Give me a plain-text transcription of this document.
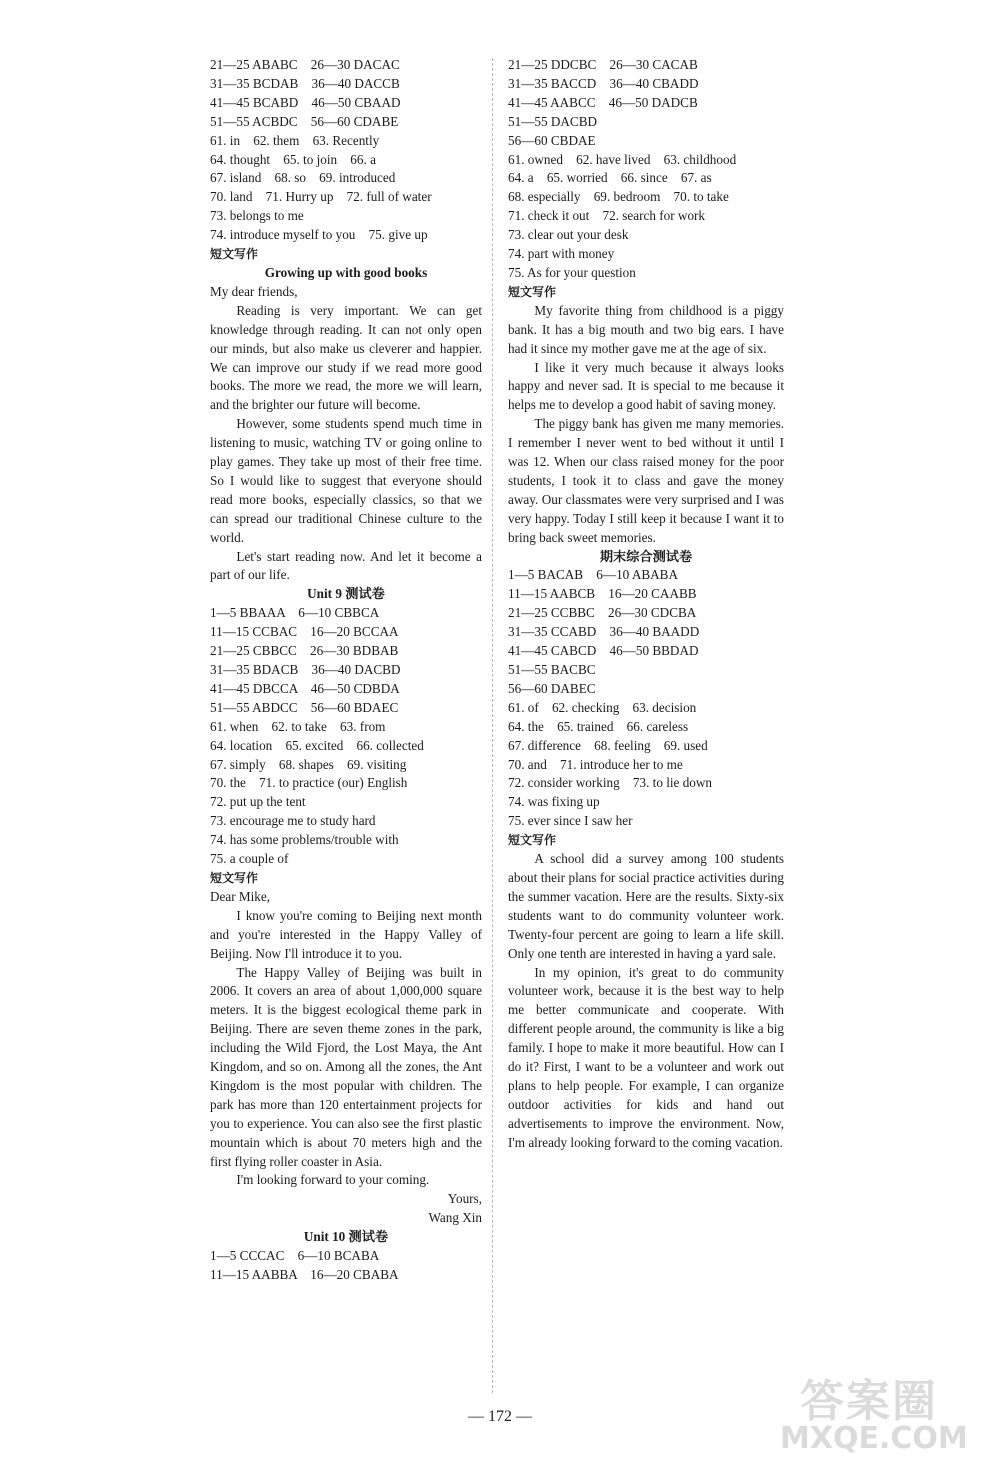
21—25 ABABC　26—30 DACAC
31—35 BCDAB　36—40 DACCB
41—45 BCABD　46—50 CBAAD
51—55 ACBDC　56—60 CDABE
61. in　62. them　63. Recently
64. thought　65. to join　66. a
67. island　68. so　69. introduced
70. land　71. Hurry up　72. full of water
73. belongs to me
74. introduce myself to you　75. give up
短文写作
Growing up with good books

My dear friends,

Reading is very important. We can get knowledge through reading. It can not only open our minds, but also make us cleverer and happier. We can improve our study if we read more good books. The more we read, the more we will learn, and the brighter our future will become.

However, some students spend much time in listening to music, watching TV or going online to play games. They take up most of their free time. So I would like to suggest that everyone should read more books, especially classics, so that we can spread our traditional Chinese culture to the world.

Let's start reading now. And let it become a part of our life.

Unit 9 测试卷
1—5 BBAAA　6—10 CBBCA
11—15 CCBAC　16—20 BCCAA
21—25 CBBCC　26—30 BDBAB
31—35 BDACB　36—40 DACBD
41—45 DBCCA　46—50 CDBDA
51—55 ABDCC　56—60 BDAEC
61. when　62. to take　63. from
64. location　65. excited　66. collected
67. simply　68. shapes　69. visiting
70. the　71. to practice (our) English
72. put up the tent
73. encourage me to study hard
74. has some problems/trouble with
75. a couple of
短文写作

Dear Mike,

I know you're coming to Beijing next month and you're interested in the Happy Valley of Beijing. Now I'll introduce it to you.

The Happy Valley of Beijing was built in 2006. It covers an area of about 1,000,000 square meters. It is the biggest ecological theme park in Beijing. There are seven theme zones in the park, including the Wild Fjord, the Lost Maya, the Ant Kingdom, and so on. Among all the zones, the Ant Kingdom is the most popular with children. The park has more than 120 entertainment projects for you to experience. You can also see the first plastic mountain which is about 70 meters high and the first flying roller coaster in Asia.

I'm looking forward to your coming.

Yours,

Wang Xin

Unit 10 测试卷
1—5 CCCAC　6—10 BCABA
11—15 AABBA　16—20 CBABA
21—25 DDCBC　26—30 CACAB
31—35 BACCD　36—40 CBADD
41—45 AABCC　46—50 DADCB
51—55 DACBD
56—60 CBDAE
61. owned　62. have lived　63. childhood
64. a　65. worried　66. since　67. as
68. especially　69. bedroom　70. to take
71. check it out　72. search for work
73. clear out your desk
74. part with money
75. As for your question
短文写作

My favorite thing from childhood is a piggy bank. It has a big mouth and two big ears. I have had it since my mother gave me at the age of six.

I like it very much because it always looks happy and never sad. It is special to me because it helps me to develop a good habit of saving money.

The piggy bank has given me many memories. I remember I never went to bed without it until I was 12. When our class raised money for the poor students, I took it to class and gave the money away. Our classmates were very surprised and I was very happy. Today I still keep it because I want it to bring back sweet memories.

期末综合测试卷
1—5 BACAB　6—10 ABABA
11—15 AABCB　16—20 CAABB
21—25 CCBBC　26—30 CDCBA
31—35 CCABD　36—40 BAADD
41—45 CABCD　46—50 BBDAD
51—55 BACBC
56—60 DABEC
61. of　62. checking　63. decision
64. the　65. trained　66. careless
67. difference　68. feeling　69. used
70. and　71. introduce her to me
72. consider working　73. to lie down
74. was fixing up
75. ever since I saw her
短文写作

A school did a survey among 100 students about their plans for social practice activities during the summer vacation. Here are the results. Sixty-six students want to do community volunteer work. Twenty-four percent are going to learn a life skill. Only one tenth are interested in having a yard sale.

In my opinion, it's great to do community volunteer work, because it is the best way to help me better communicate and cooperate. With different people around, the community is like a big family. I hope to make it more beautiful. How can I do it? First, I want to be a volunteer and work out plans to help people. For example, I can organize outdoor activities for kids and hand out advertisements to improve the environment. Now, I'm already looking forward to the coming vacation.

— 172 —	答案圈
MXQE.COM
